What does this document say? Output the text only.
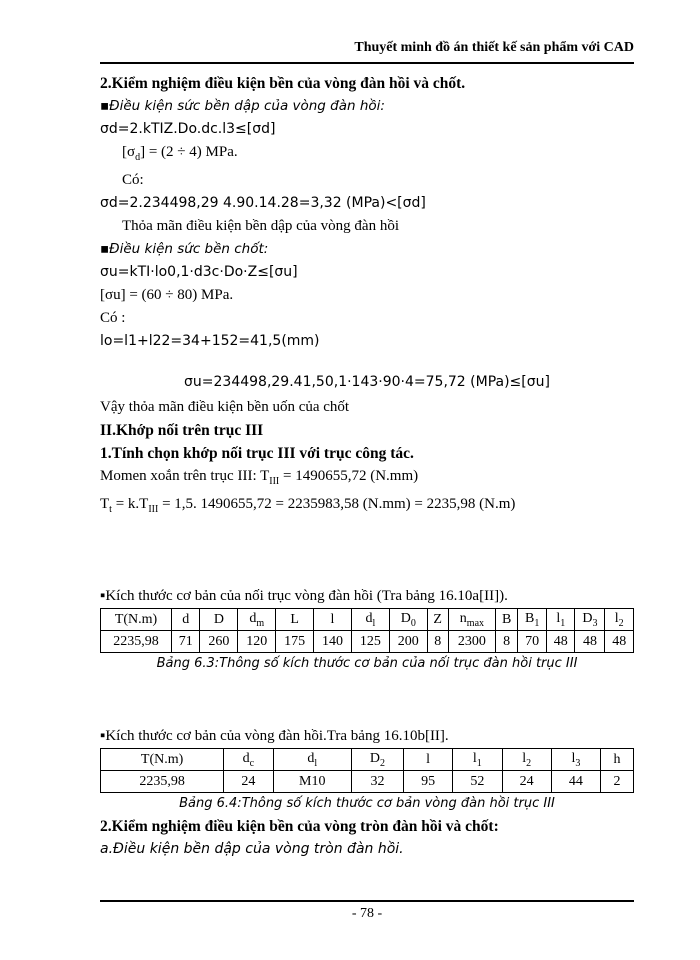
Thuyết minh đồ án thiết kế sản phẩm với CAD
2.Kiểm nghiệm điều kiện bền của vòng đàn hồi và chốt.
▪Điều kiện sức bền dập của vòng đàn hồi:
σd=2.kTIZ.Do.dc.l3≤[σd]
$[\sigma_d] = (2 \div 4)$ MPa.
Có:
σd=2.234498,29 4.90.14.28=3,32 (MPa)<[σd]
Thỏa mãn điều kiện bền dập của vòng đàn hồi
▪Điều kiện sức bền chốt:
σu=kTI·lo0,1·d3c·Do·Z≤[σu]
[σu] = (60 ÷ 80) MPa.
Có :
lo=l1+l22=34+152=41,5(mm)
σu=234498,29.41,50,1·143·90·4=75,72 (MPa)≤[σu]
Vậy thỏa mãn điều kiện bền uốn của chốt
II.Khớp nối trên trục III
1.Tính chọn khớp nối trục III với trục công tác.
Momen xoắn trên trục III: $T_{III} = 1490655,72$ (N.mm)
$T_t = k.T_{III} = 1,5$. 1490655,72 = 2235983,58 (N.mm) = 2235,98 (N.m)
▪Kích thước cơ bản của nối trục vòng đàn hồi (Tra bảng 16.10a[II]).
T(N.m)	d	D	$d_m$	L	l	$d_l$	$D_0$	Z	$n_{max}$	B	$B_1$	$l_1$	$D_3$	$l_2$
2235,98	71	260	120	175	140	125	200	8	2300	8	70	48	48	48
Bảng 6.3:Thông số kích thước cơ bản của nối trục đàn hồi trục III
▪Kích thước cơ bản của vòng đàn hồi.Tra bảng 16.10b[II].
T(N.m)	$d_c$	$d_l$	$D_2$	l	$l_1$	$l_2$	$l_3$	h
2235,98	24	M10	32	95	52	24	44	2
Bảng 6.4:Thông số kích thước cơ bản vòng đàn hồi trục III
2.Kiểm nghiệm điều kiện bền của vòng tròn đàn hồi và chốt:
a.Điều kiện bền dập của vòng tròn đàn hồi.
- 78 -
